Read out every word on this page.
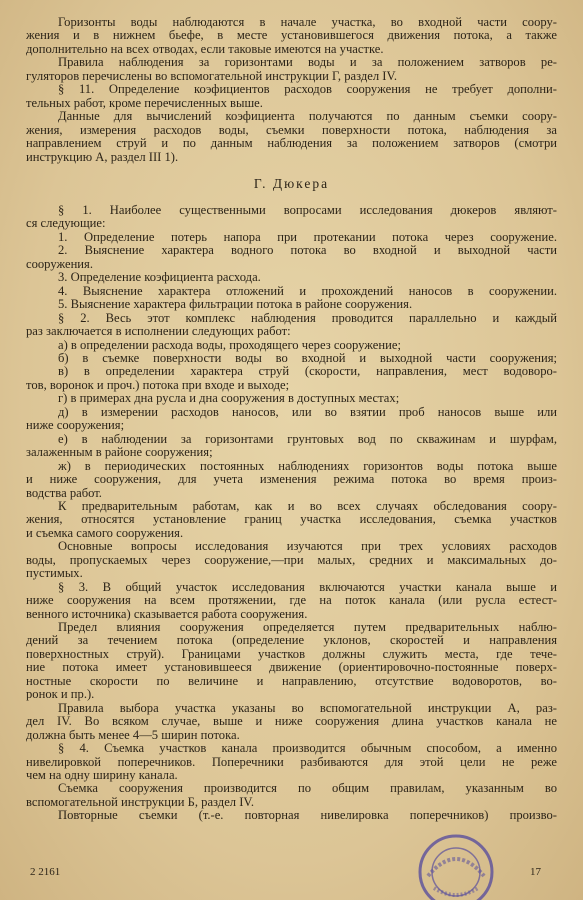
Горизонты воды наблюдаются в начале участка, во входной части соору-
жения и в нижнем бьефе, в месте установившегося движения потока, а также
дополнительно на всех отводах, если таковые имеются на участке.
Правила наблюдения за горизонтами воды и за положением затворов ре-
гуляторов перечислены во вспомогательной инструкции Г, раздел IV.
§ 11. Определение коэфициентов расходов сооружения не требует дополни-
тельных работ, кроме перечисленных выше.
Данные для вычислений коэфициента получаются по данным съемки соору-
жения, измерения расходов воды, съемки поверхности потока, наблюдения за
направлением струй и по данным наблюдения за положением затворов (смотри
инструкцию А, раздел III 1).
Г. Дюкера
§ 1. Наиболее существенными вопросами исследования дюкеров являют-
ся следующие:
1. Определение потерь напора при протекании потока через сооружение.
2. Выяснение характера водного потока во входной и выходной части
сооружения.
3. Определение коэфициента расхода.
4. Выяснение характера отложений и прохождений наносов в сооружении.
5. Выяснение характера фильтрации потока в районе сооружения.
§ 2. Весь этот комплекс наблюдения проводится параллельно и каждый
раз заключается в исполнении следующих работ:
а) в определении расхода воды, проходящего через сооружение;
б) в съемке поверхности воды во входной и выходной части сооружения;
в) в определении характера струй (скорости, направления, мест водоворо-
тов, воронок и проч.) потока при входе и выходе;
г) в примерах дна русла и дна сооружения в доступных местах;
д) в измерении расходов наносов, или во взятии проб наносов выше или
ниже сооружения;
е) в наблюдении за горизонтами грунтовых вод по скважинам и шурфам,
залаженным в районе сооружения;
ж) в периодических постоянных наблюдениях горизонтов воды потока выше
и ниже сооружения, для учета изменения режима потока во время произ-
водства работ.
К предварительным работам, как и во всех случаях обследования соору-
жения, относятся установление границ участка исследования, съемка участков
и съемка самого сооружения.
Основные вопросы исследования изучаются при трех условиях расходов
воды, пропускаемых через сооружение,—при малых, средних и максимальных до-
пустимых.
§ 3. В общий участок исследования включаются участки канала выше и
ниже сооружения на всем протяжении, где на поток канала (или русла естест-
венного источника) сказывается работа сооружения.
Предел влияния сооружения определяется путем предварительных наблю-
дений за течением потока (определение уклонов, скоростей и направления
поверхностных струй). Границами участков должны служить места, где тече-
ние потока имеет установившееся движение (ориентировочно-постоянные поверх-
ностные скорости по величине и направлению, отсутствие водоворотов, во-
ронок и пр.).
Правила выбора участка указаны во вспомогательной инструкции А, раз-
дел IV. Во всяком случае, выше и ниже сооружения длина участков канала не
должна быть менее 4—5 ширин потока.
§ 4. Съемка участков канала производится обычным способом, а именно
нивелировкой поперечников. Поперечники разбиваются для этой цели не реже
чем на одну ширину канала.
Съемка сооружения производится по общим правилам, указанным во
вспомогательной инструкции Б, раздел IV.
Повторные съемки (т.-е. повторная нивелировка поперечников) произво-
2 2161	17
